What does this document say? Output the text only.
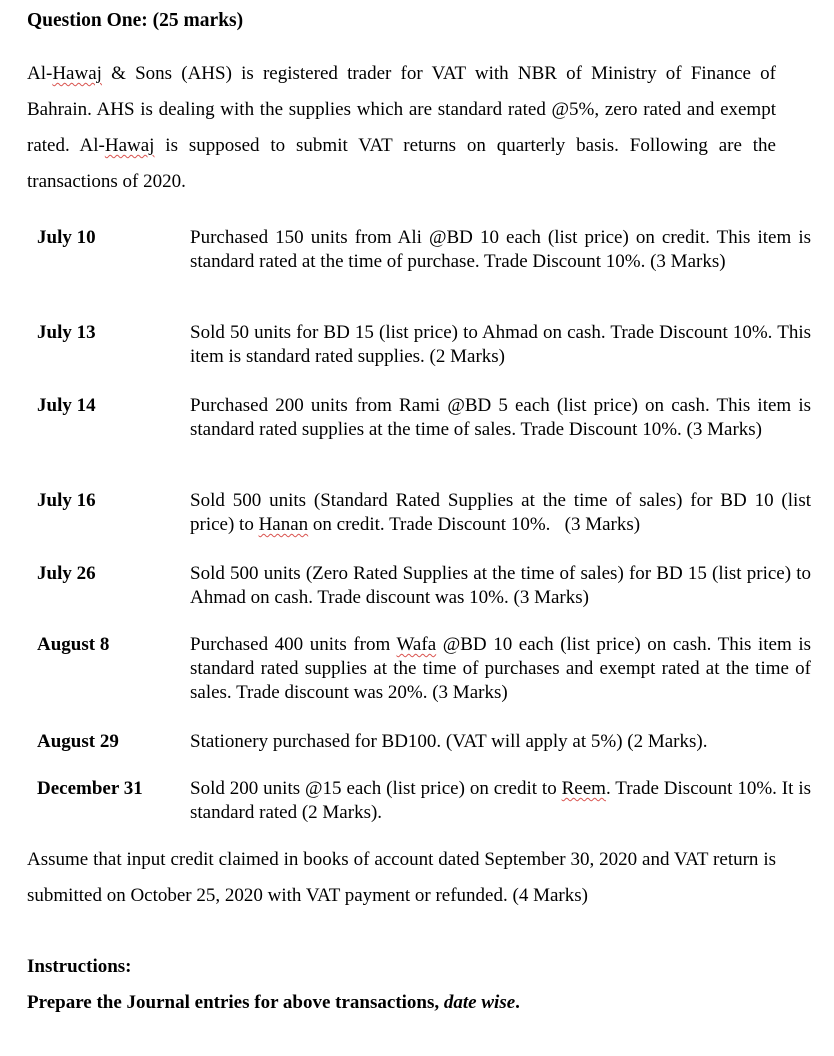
Question One: (25 marks)

Al-Hawaj & Sons (AHS) is registered trader for VAT with NBR of Ministry of Finance of Bahrain. AHS is dealing with the supplies which are standard rated @5%, zero rated and exempt rated. Al-Hawaj is supposed to submit VAT returns on quarterly basis. Following are the transactions of 2020.

July 10	Purchased 150 units from Ali @BD 10 each (list price) on credit. This item is standard rated at the time of purchase. Trade Discount 10%. (3 Marks)
July 13	Sold 50 units for BD 15 (list price) to Ahmad on cash. Trade Discount 10%. This item is standard rated supplies. (2 Marks)
July 14	Purchased 200 units from Rami @BD 5 each (list price) on cash. This item is standard rated supplies at the time of sales. Trade Discount 10%. (3 Marks)
July 16	Sold 500 units (Standard Rated Supplies at the time of sales) for BD 10 (list price) to Hanan on credit. Trade Discount 10%.   (3 Marks)
July 26	Sold 500 units (Zero Rated Supplies at the time of sales) for BD 15 (list price) to Ahmad on cash. Trade discount was 10%. (3 Marks)
August 8	Purchased 400 units from Wafa @BD 10 each (list price) on cash. This item is standard rated supplies at the time of purchases and exempt rated at the time of sales. Trade discount was 20%. (3 Marks)
August 29	Stationery purchased for BD100. (VAT will apply at 5%) (2 Marks).
December 31 Sold 200 units @15 each (list price) on credit to Reem. Trade Discount 10%. It is standard rated (2 Marks).

Assume that input credit claimed in books of account dated September 30, 2020 and VAT return is submitted on October 25, 2020 with VAT payment or refunded. (4 Marks)

Instructions:
Prepare the Journal entries for above transactions, date wise.
